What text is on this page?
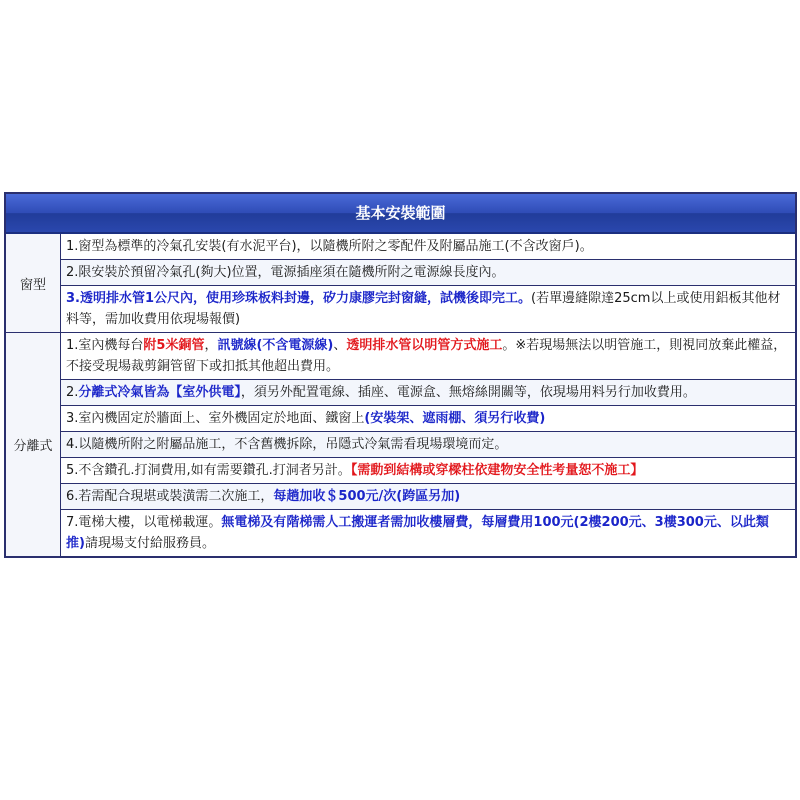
基本安裝範圍
窗型
1.窗型為標準的冷氣孔安裝(有水泥平台)，以隨機所附之零配件及附屬品施工(不含改窗戶)。
2.限安裝於預留冷氣孔(夠大)位置，電源插座須在隨機所附之電源線長度內。
3.透明排水管1公尺內，使用珍珠板料封邊，矽力康膠完封窗縫，試機後即完工。(若單邊縫隙達25cm以上或使用鋁板其他材料等，需加收費用依現場報價)
分離式
1.室內機每台附5米銅管，訊號線(不含電源線)、透明排水管以明管方式施工。※若現場無法以明管施工，則視同放棄此權益，不接受現場裁剪銅管留下或扣抵其他超出費用。
2.分離式冷氣皆為【室外供電】，須另外配置電線、插座、電源盒、無熔絲開關等，依現場用料另行加收費用。
3.室內機固定於牆面上、室外機固定於地面、鐵窗上(安裝架、遮雨棚、須另行收費)
4.以隨機所附之附屬品施工，不含舊機拆除，吊隱式冷氣需看現場環境而定。
5.不含鑽孔.打洞費用,如有需要鑽孔.打洞者另計。【需動到結構或穿樑柱依建物安全性考量恕不施工】
6.若需配合現堪或裝潢需二次施工，每趟加收＄500元/次(跨區另加)
7.電梯大樓，以電梯載運。無電梯及有階梯需人工搬運者需加收樓層費，每層費用100元(2樓200元、3樓300元、以此類推)請現場支付給服務員。
